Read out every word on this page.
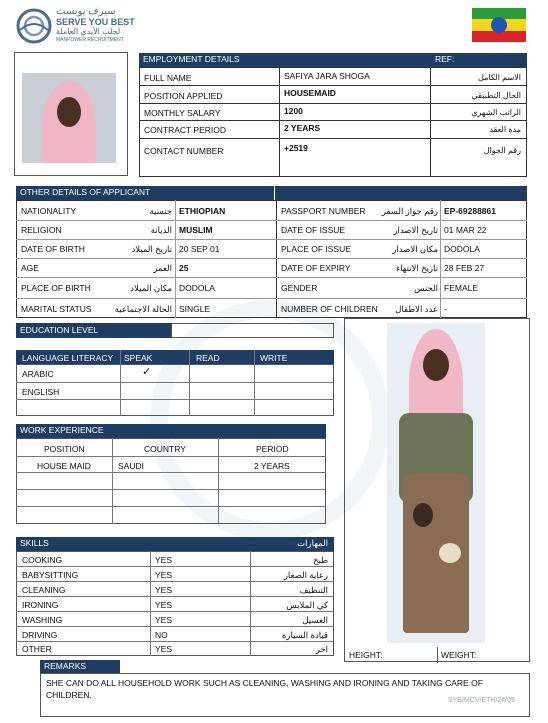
سيرف يوبست
SERVE YOU BEST
لجلب الأيدي العاملة
MANPOWER RECRUITMENT
EMPLOYMENT DETAILS	REF:
FULL NAME	SAFIYA JARA SHOGA	الاسم الكامل
POSITION APPLIED	HOUSEMAID	الحال التطبيقي
MONTHLY SALARY	1200	الراتب الشهري
CONTRACT PERIOD	2 YEARS	مدة العقد
CONTACT NUMBER	+2519	رقم الجوال
OTHER DETAILS OF APPLICANT
NATIONALITY	جنسية ETHIOPIAN	PASSPORT NUMBER	رقم جواز السفر EP-69288861
RELIGION	الديانة MUSLIM	DATE OF ISSUE	تاريخ الاصدار 01 MAR 22
DATE OF BIRTH	تاريخ الميلاد 20 SEP 01	PLACE OF ISSUE	مكان الاصدار DODOLA
AGE	العمر 25	DATE OF EXPIRY	تاريخ الانتهاء 28 FEB 27
PLACE OF BIRTH	مكان الميلاد DODOLA	GENDER	الجنس FEMALE
MARITAL STATUS	الحالة الاجتماعية SINGLE	NUMBER OF CHILDREN	عدد الاطفال -
EDUCATION LEVEL
LANGUAGE LITERACY SPEAK	READ	WRITE
ARABIC	✓
ENGLISH
WORK EXPERIENCE
POSITION	COUNTRY	PERIOD
HOUSE MAID	SAUDI	2 YEARS
SKILLS	المهارات
COOKING	YES	طبخ
BABYSITTING	YES	رعاية الصغار
CLEANING	YES	التنظيف
IRONING	YES	كي الملابس
WASHING	YES	الغسيل
DRIVING	NO	قيادة السيارة
OTHER	YES	اخر
HEIGHT:	WEIGHT:
REMARKS
SHE CAN DO ALL HOUSEHOLD WORK SUCH AS CLEANING, WASHING AND IRONING AND TAKING CARE OF CHILDREN.
SYB/MCV/ETH/24/09
